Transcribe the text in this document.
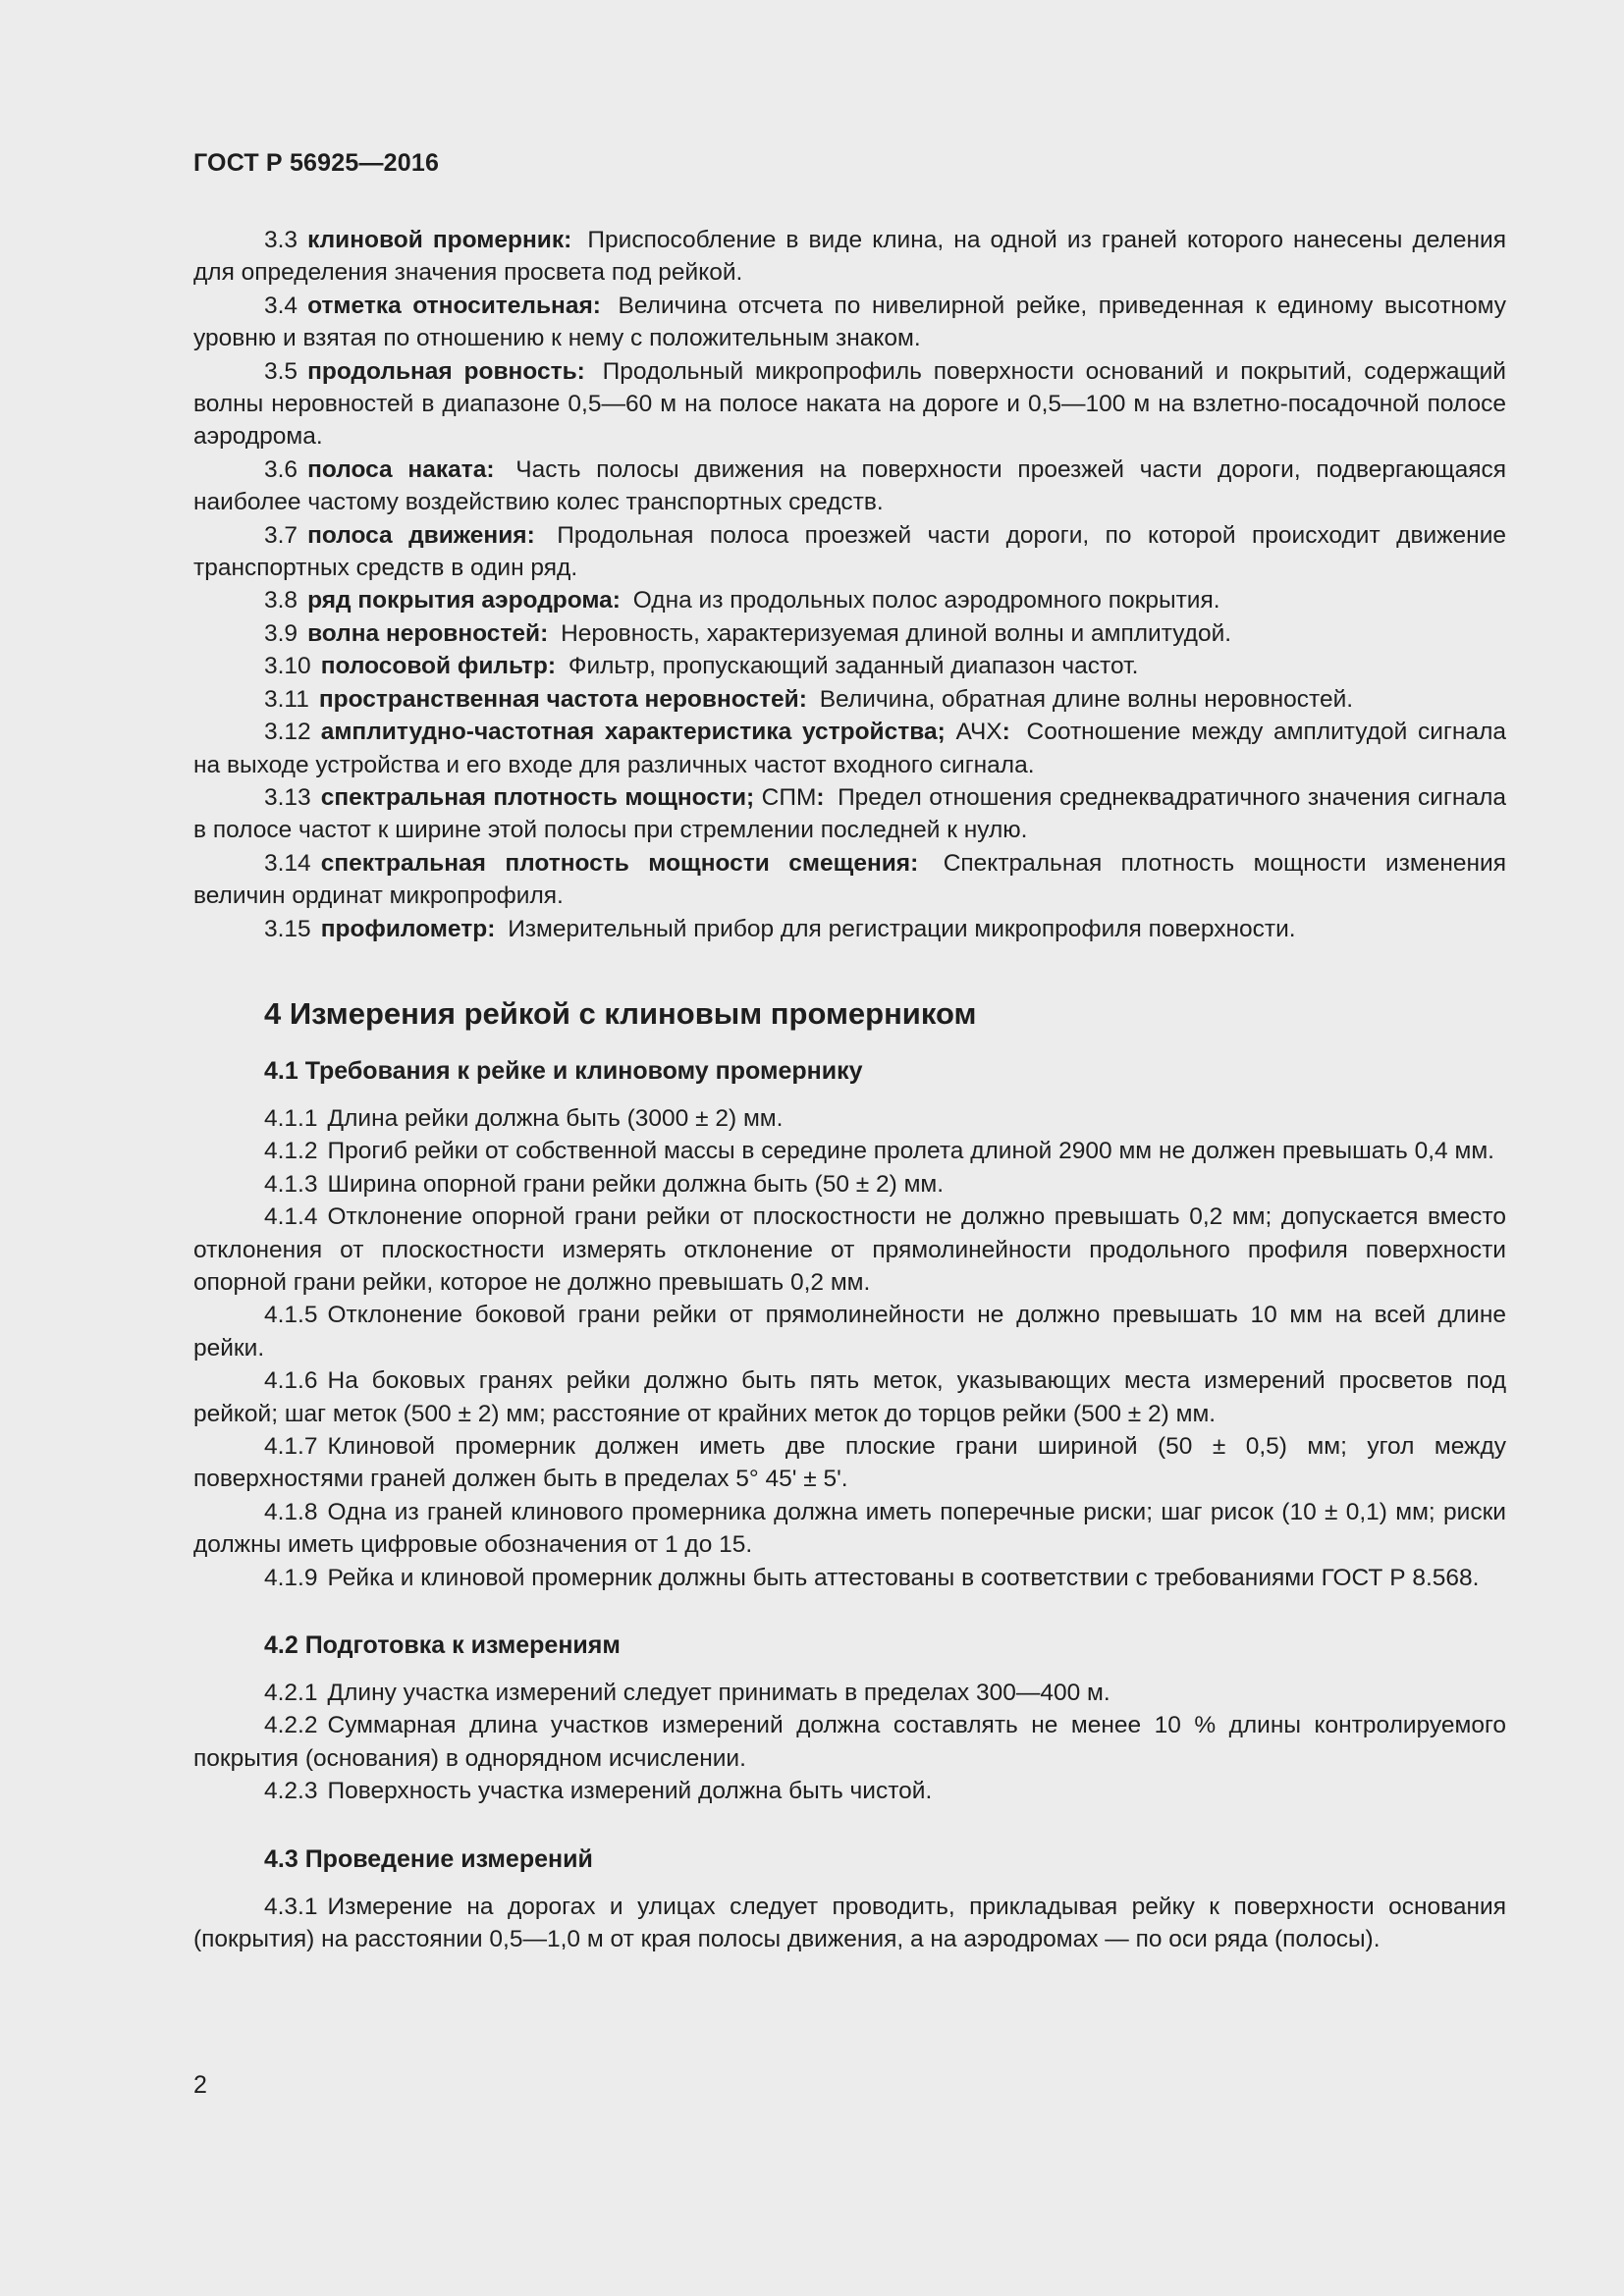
ГОСТ Р 56925—2016

3.3 клиновой промерник: Приспособление в виде клина, на одной из граней которого нанесены деления для определения значения просвета под рейкой.

3.4 отметка относительная: Величина отсчета по нивелирной рейке, приведенная к единому высотному уровню и взятая по отношению к нему с положительным знаком.

3.5 продольная ровность: Продольный микропрофиль поверхности оснований и покрытий, содержащий волны неровностей в диапазоне 0,5—60 м на полосе наката на дороге и 0,5—100 м на взлетно-посадочной полосе аэродрома.

3.6 полоса наката: Часть полосы движения на поверхности проезжей части дороги, подвергающаяся наиболее частому воздействию колес транспортных средств.

3.7 полоса движения: Продольная полоса проезжей части дороги, по которой происходит движение транспортных средств в один ряд.

3.8 ряд покрытия аэродрома: Одна из продольных полос аэродромного покрытия.

3.9 волна неровностей: Неровность, характеризуемая длиной волны и амплитудой.

3.10 полосовой фильтр: Фильтр, пропускающий заданный диапазон частот.

3.11 пространственная частота неровностей: Величина, обратная длине волны неровностей.

3.12 амплитудно-частотная характеристика устройства; АЧХ: Соотношение между амплитудой сигнала на выходе устройства и его входе для различных частот входного сигнала.

3.13 спектральная плотность мощности; СПМ: Предел отношения среднеквадратичного значения сигнала в полосе частот к ширине этой полосы при стремлении последней к нулю.

3.14 спектральная плотность мощности смещения: Спектральная плотность мощности изменения величин ординат микропрофиля.

3.15 профилометр: Измерительный прибор для регистрации микропрофиля поверхности.

4 Измерения рейкой с клиновым промерником
4.1 Требования к рейке и клиновому промернику

4.1.1 Длина рейки должна быть (3000 ± 2) мм.

4.1.2 Прогиб рейки от собственной массы в середине пролета длиной 2900 мм не должен превышать 0,4 мм.

4.1.3 Ширина опорной грани рейки должна быть (50 ± 2) мм.

4.1.4 Отклонение опорной грани рейки от плоскостности не должно превышать 0,2 мм; допускается вместо отклонения от плоскостности измерять отклонение от прямолинейности продольного профиля поверхности опорной грани рейки, которое не должно превышать 0,2 мм.

4.1.5 Отклонение боковой грани рейки от прямолинейности не должно превышать 10 мм на всей длине рейки.

4.1.6 На боковых гранях рейки должно быть пять меток, указывающих места измерений просветов под рейкой; шаг меток (500 ± 2) мм; расстояние от крайних меток до торцов рейки (500 ± 2) мм.

4.1.7 Клиновой промерник должен иметь две плоские грани шириной (50 ± 0,5) мм; угол между поверхностями граней должен быть в пределах 5° 45' ± 5'.

4.1.8 Одна из граней клинового промерника должна иметь поперечные риски; шаг рисок (10 ± 0,1) мм; риски должны иметь цифровые обозначения от 1 до 15.

4.1.9 Рейка и клиновой промерник должны быть аттестованы в соответствии с требованиями ГОСТ Р 8.568.

4.2 Подготовка к измерениям

4.2.1 Длину участка измерений следует принимать в пределах 300—400 м.

4.2.2 Суммарная длина участков измерений должна составлять не менее 10 % длины контролируемого покрытия (основания) в однорядном исчислении.

4.2.3 Поверхность участка измерений должна быть чистой.

4.3 Проведение измерений

4.3.1 Измерение на дорогах и улицах следует проводить, прикладывая рейку к поверхности основания (покрытия) на расстоянии 0,5—1,0 м от края полосы движения, а на аэродромах — по оси ряда (полосы).

2
